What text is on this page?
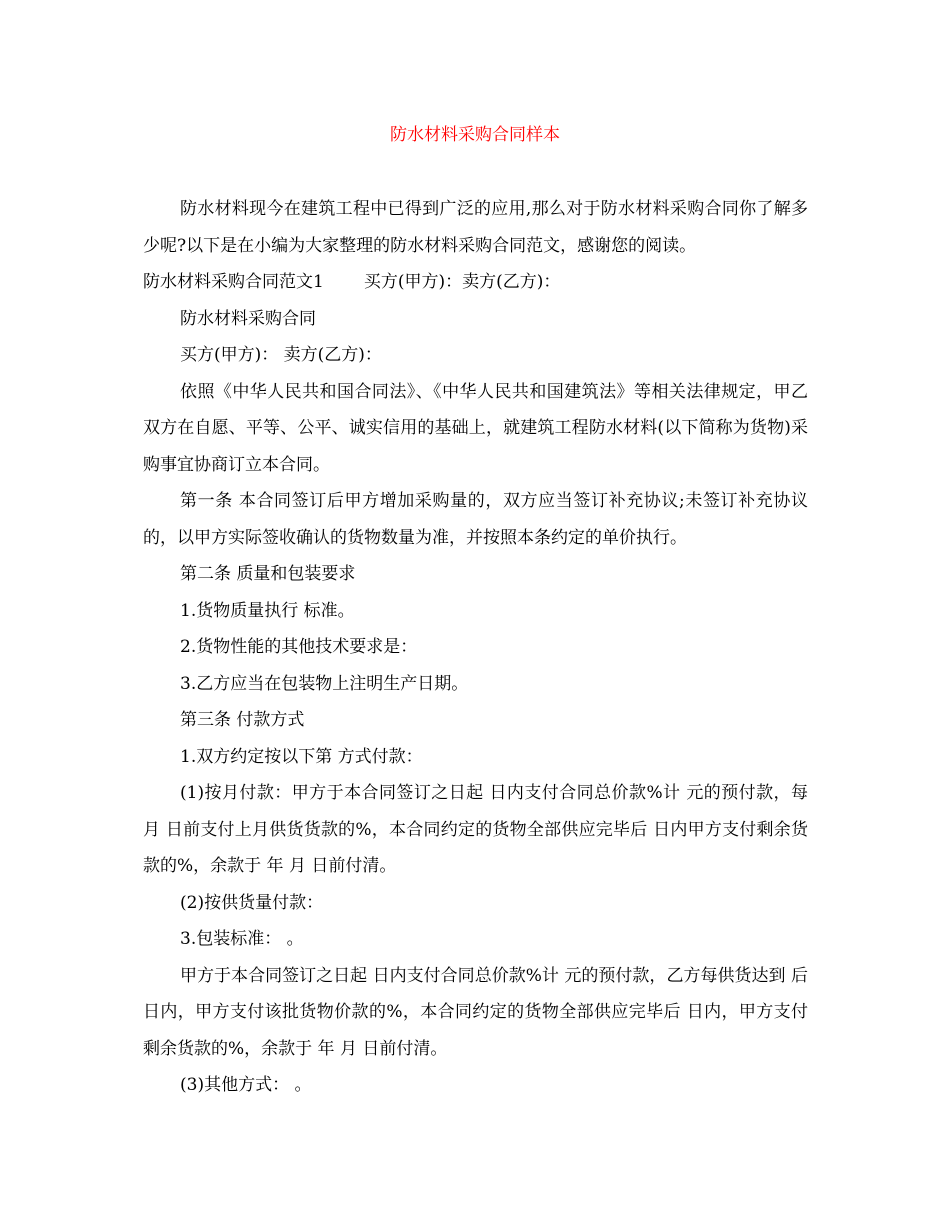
防水材料采购合同样本

防水材料现今在建筑工程中已得到广泛的应用,那么对于防水材料采购合同你了解多少呢?以下是在小编为大家整理的防水材料采购合同范文，感谢您的阅读。

防水材料采购合同范文1 买方(甲方)：卖方(乙方)：

防水材料采购合同

买方(甲方)： 卖方(乙方)：

依照《中华人民共和国合同法》、《中华人民共和国建筑法》等相关法律规定，甲乙双方在自愿、平等、公平、诚实信用的基础上，就建筑工程防水材料(以下简称为货物)采购事宜协商订立本合同。

第一条 本合同签订后甲方增加采购量的，双方应当签订补充协议;未签订补充协议的，以甲方实际签收确认的货物数量为准，并按照本条约定的单价执行。

第二条 质量和包装要求

1.货物质量执行 标准。

2.货物性能的其他技术要求是：

3.乙方应当在包装物上注明生产日期。

第三条 付款方式

1.双方约定按以下第 方式付款：

(1)按月付款：甲方于本合同签订之日起 日内支付合同总价款%计 元的预付款，每月 日前支付上月供货货款的%，本合同约定的货物全部供应完毕后 日内甲方支付剩余货款的%，余款于 年 月 日前付清。

(2)按供货量付款：

3.包装标准： 。

甲方于本合同签订之日起 日内支付合同总价款%计 元的预付款，乙方每供货达到 后 日内，甲方支付该批货物价款的%，本合同约定的货物全部供应完毕后 日内，甲方支付剩余货款的%，余款于 年 月 日前付清。

(3)其他方式： 。
